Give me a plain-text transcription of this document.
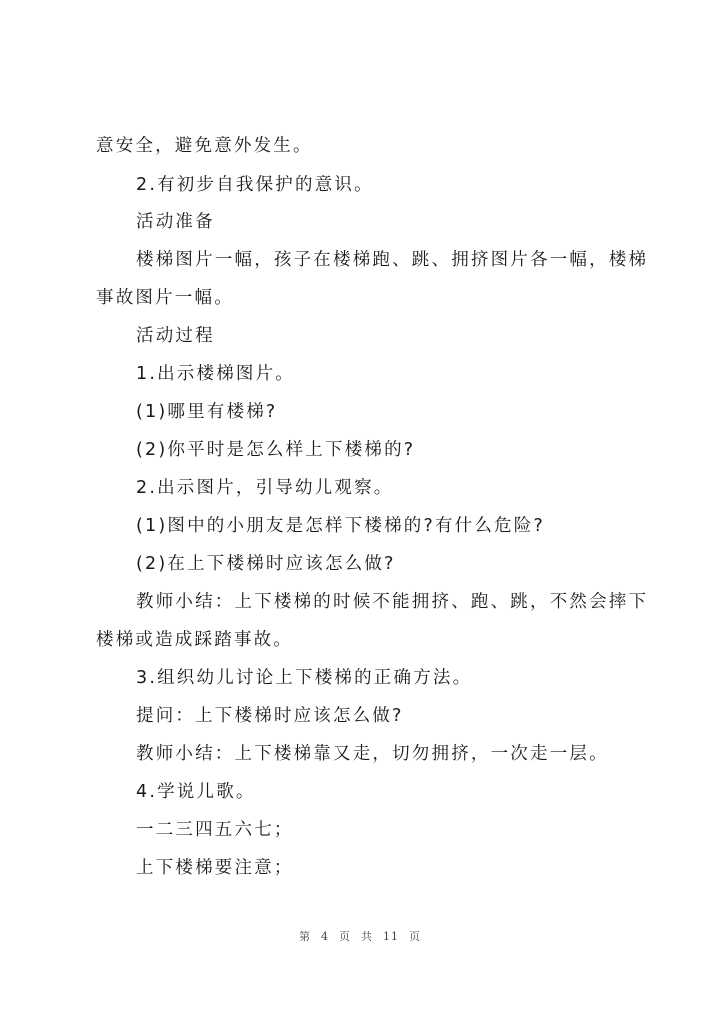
意安全，避免意外发生。
2.有初步自我保护的意识。
活动准备
楼梯图片一幅，孩子在楼梯跑、跳、拥挤图片各一幅，楼梯
事故图片一幅。
活动过程
1.出示楼梯图片。
(1)哪里有楼梯?
(2)你平时是怎么样上下楼梯的?
2.出示图片，引导幼儿观察。
(1)图中的小朋友是怎样下楼梯的?有什么危险?
(2)在上下楼梯时应该怎么做?
教师小结：上下楼梯的时候不能拥挤、跑、跳，不然会摔下
楼梯或造成踩踏事故。
3.组织幼儿讨论上下楼梯的正确方法。
提问：上下楼梯时应该怎么做?
教师小结：上下楼梯靠又走，切勿拥挤，一次走一层。
4.学说儿歌。
一二三四五六七；
上下楼梯要注意；
第 4 页 共 11 页
